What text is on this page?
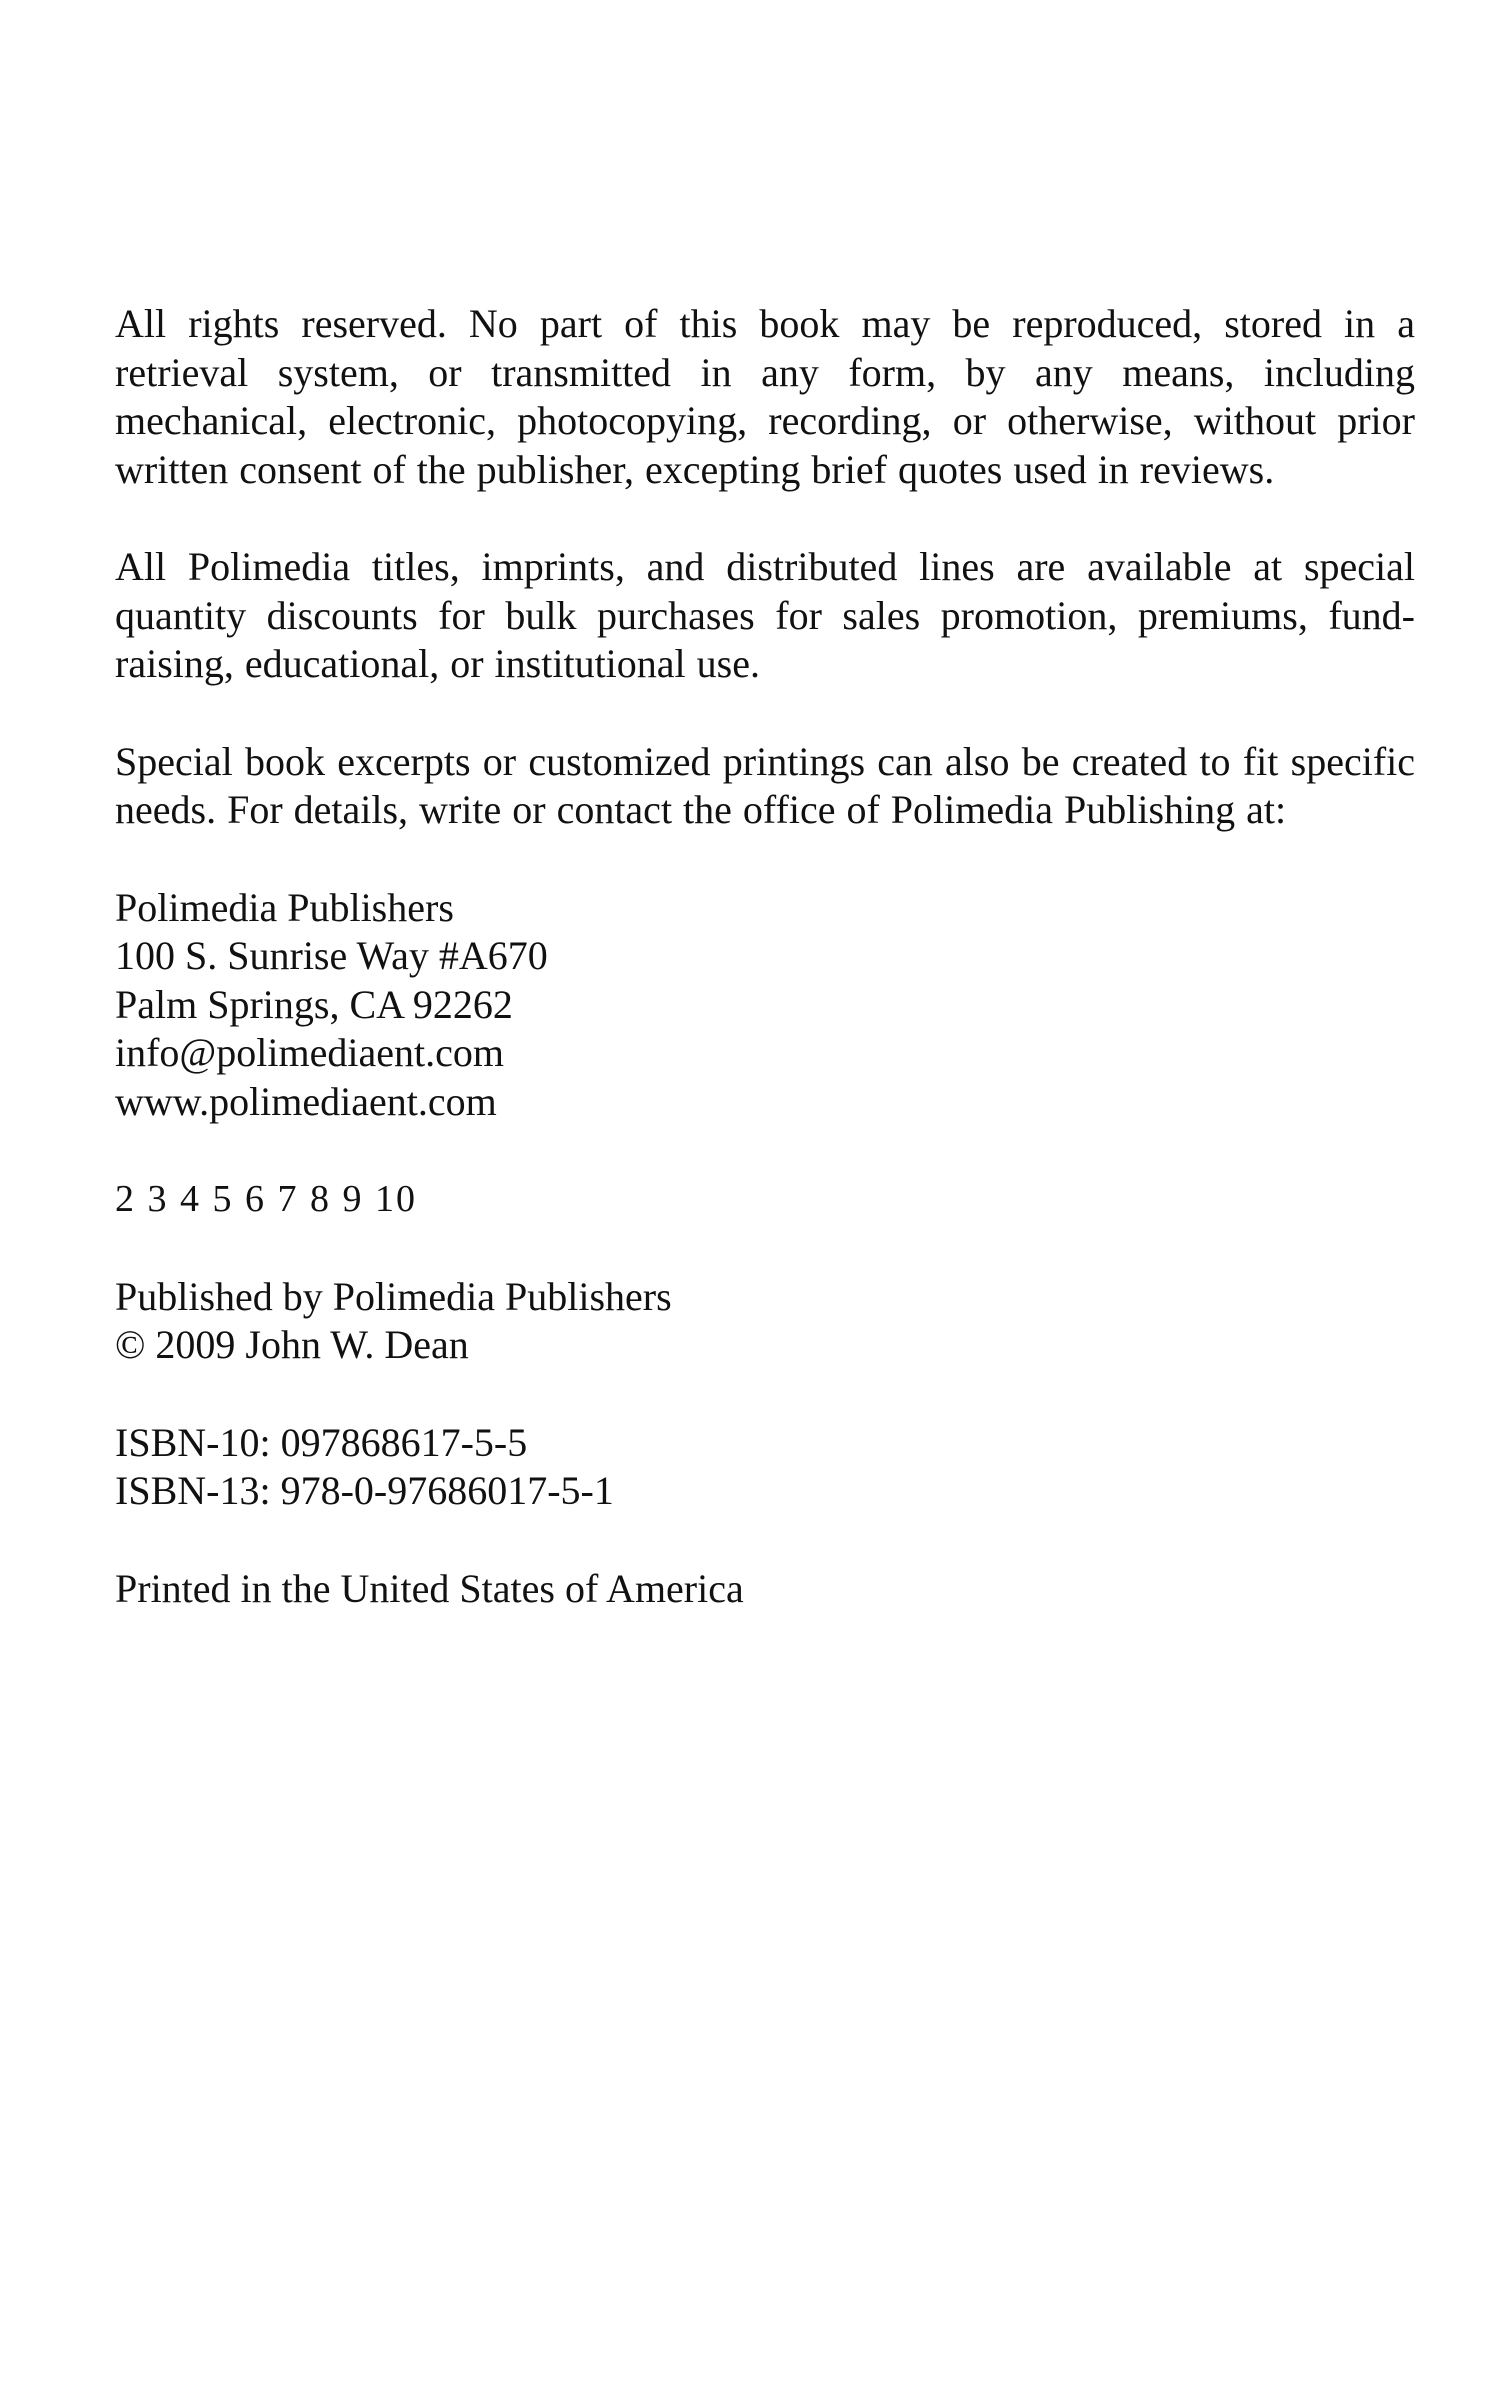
All rights reserved. No part of this book may be reproduced, stored in a retrieval system, or transmitted in any form, by any means, including mechanical, electronic, photocopying, recording, or otherwise, without prior written consent of the publisher, excepting brief quotes used in reviews.

All Polimedia titles, imprints, and distributed lines are available at special quantity discounts for bulk purchases for sales promotion, premiums, fund-raising, educational, or institutional use.

Special book excerpts or customized printings can also be created to fit specific needs. For details, write or contact the office of Polimedia Publishing at:

Polimedia Publishers
100 S. Sunrise Way #A670
Palm Springs, CA 92262
info@polimediaent.com
www.polimediaent.com
2 3 4 5 6 7 8 9 10
Published by Polimedia Publishers
© 2009 John W. Dean
ISBN-10: 097868617-5-5
ISBN-13: 978-0-97686017-5-1
Printed in the United States of America
